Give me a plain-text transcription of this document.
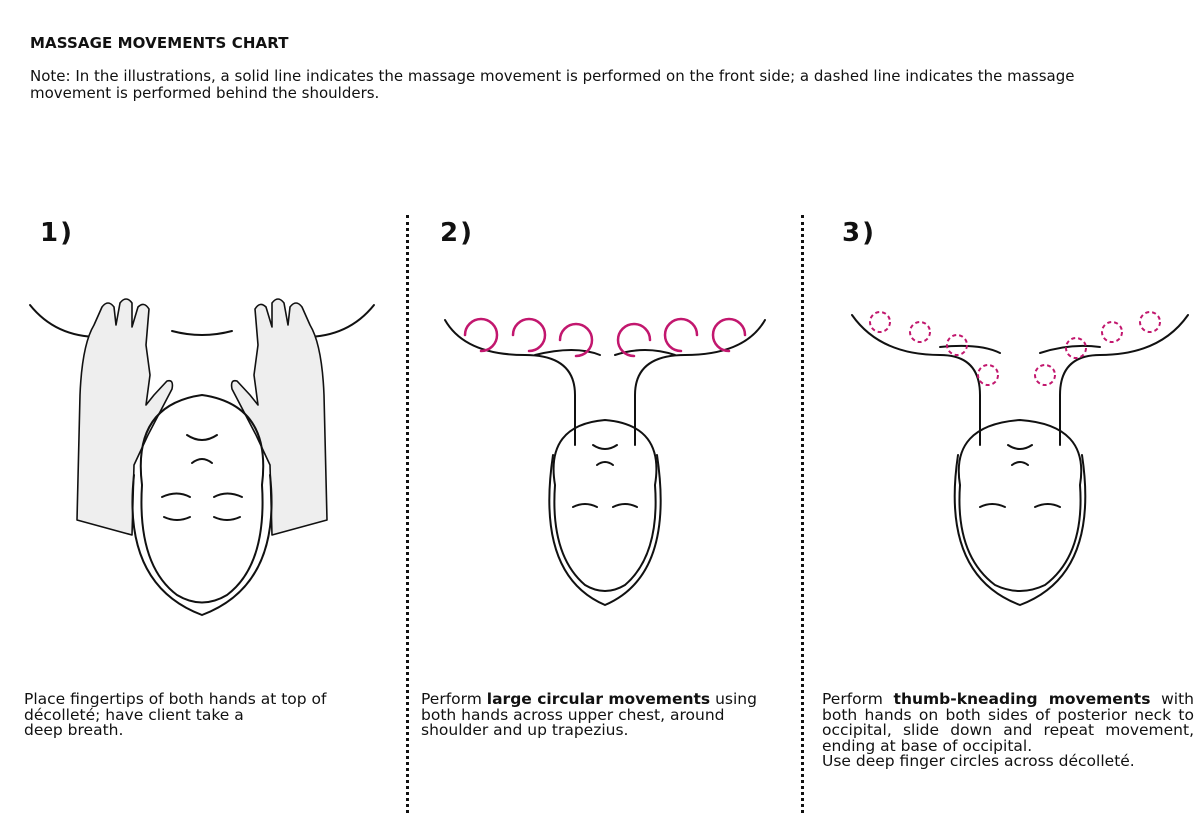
MASSAGE MOVEMENTS CHART
Note: In the illustrations, a solid line indicates the massage movement is performed on the front side; a dashed line indicates the massage movement is performed behind the shoulders.
1)
Place fingertips of both hands at top of
décolleté; have client take a
deep breath.
2)
Perform large circular movements using both hands across upper chest, around shoulder and up trapezius.
3)
Perform thumb-kneading movements with both hands on both sides of posterior neck to occipital, slide down and repeat movement, ending at base of occipital.
Use deep finger circles across décolleté.
